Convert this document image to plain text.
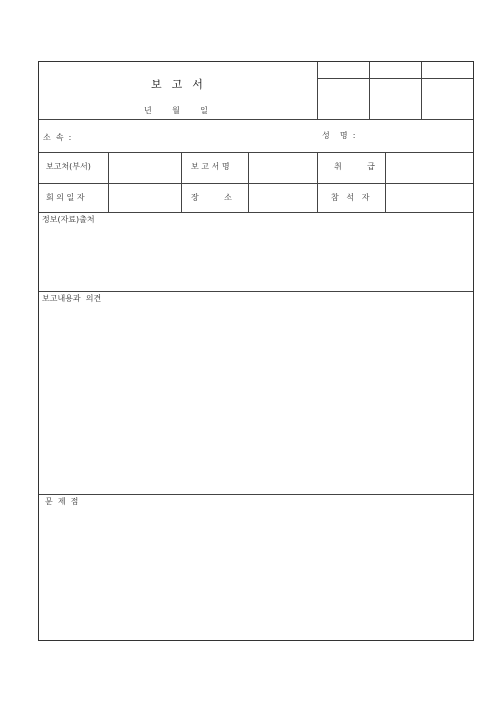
보  고  서
년        월        일
소  속  :	성    명  :
보고처(부서)	보 고 서 명	취          급
회 의 일 자	장          소	참   석   자
정보(자료)출처
보고내용과  의견
문  제  점
